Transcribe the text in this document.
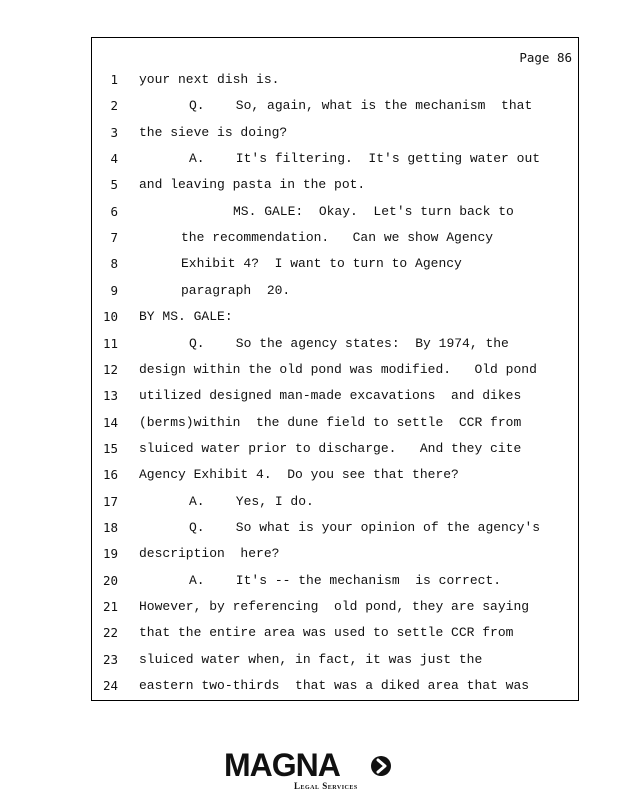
Page 86
1 your next dish is.
2	Q.    So, again, what is the mechanism  that
3 the sieve is doing?
4	A.    It's filtering.  It's getting water out
5 and leaving pasta in the pot.
6	MS. GALE:  Okay.  Let's turn back to
7	the recommendation.   Can we show Agency
8	Exhibit 4?  I want to turn to Agency
9	paragraph  20.
10 BY MS. GALE:
11	Q.    So the agency states:  By 1974, the
12 design within the old pond was modified.   Old pond
13 utilized designed man-made excavations  and dikes
14 (berms)within  the dune field to settle  CCR from
15 sluiced water prior to discharge.   And they cite
16 Agency Exhibit 4.  Do you see that there?
17	A.    Yes, I do.
18	Q.    So what is your opinion of the agency's
19 description  here?
20	A.    It's -- the mechanism  is correct.
21 However, by referencing  old pond, they are saying
22 that the entire area was used to settle CCR from
23 sluiced water when, in fact, it was just the
24 eastern two-thirds  that was a diked area that was
MAGNA
Legal Services
